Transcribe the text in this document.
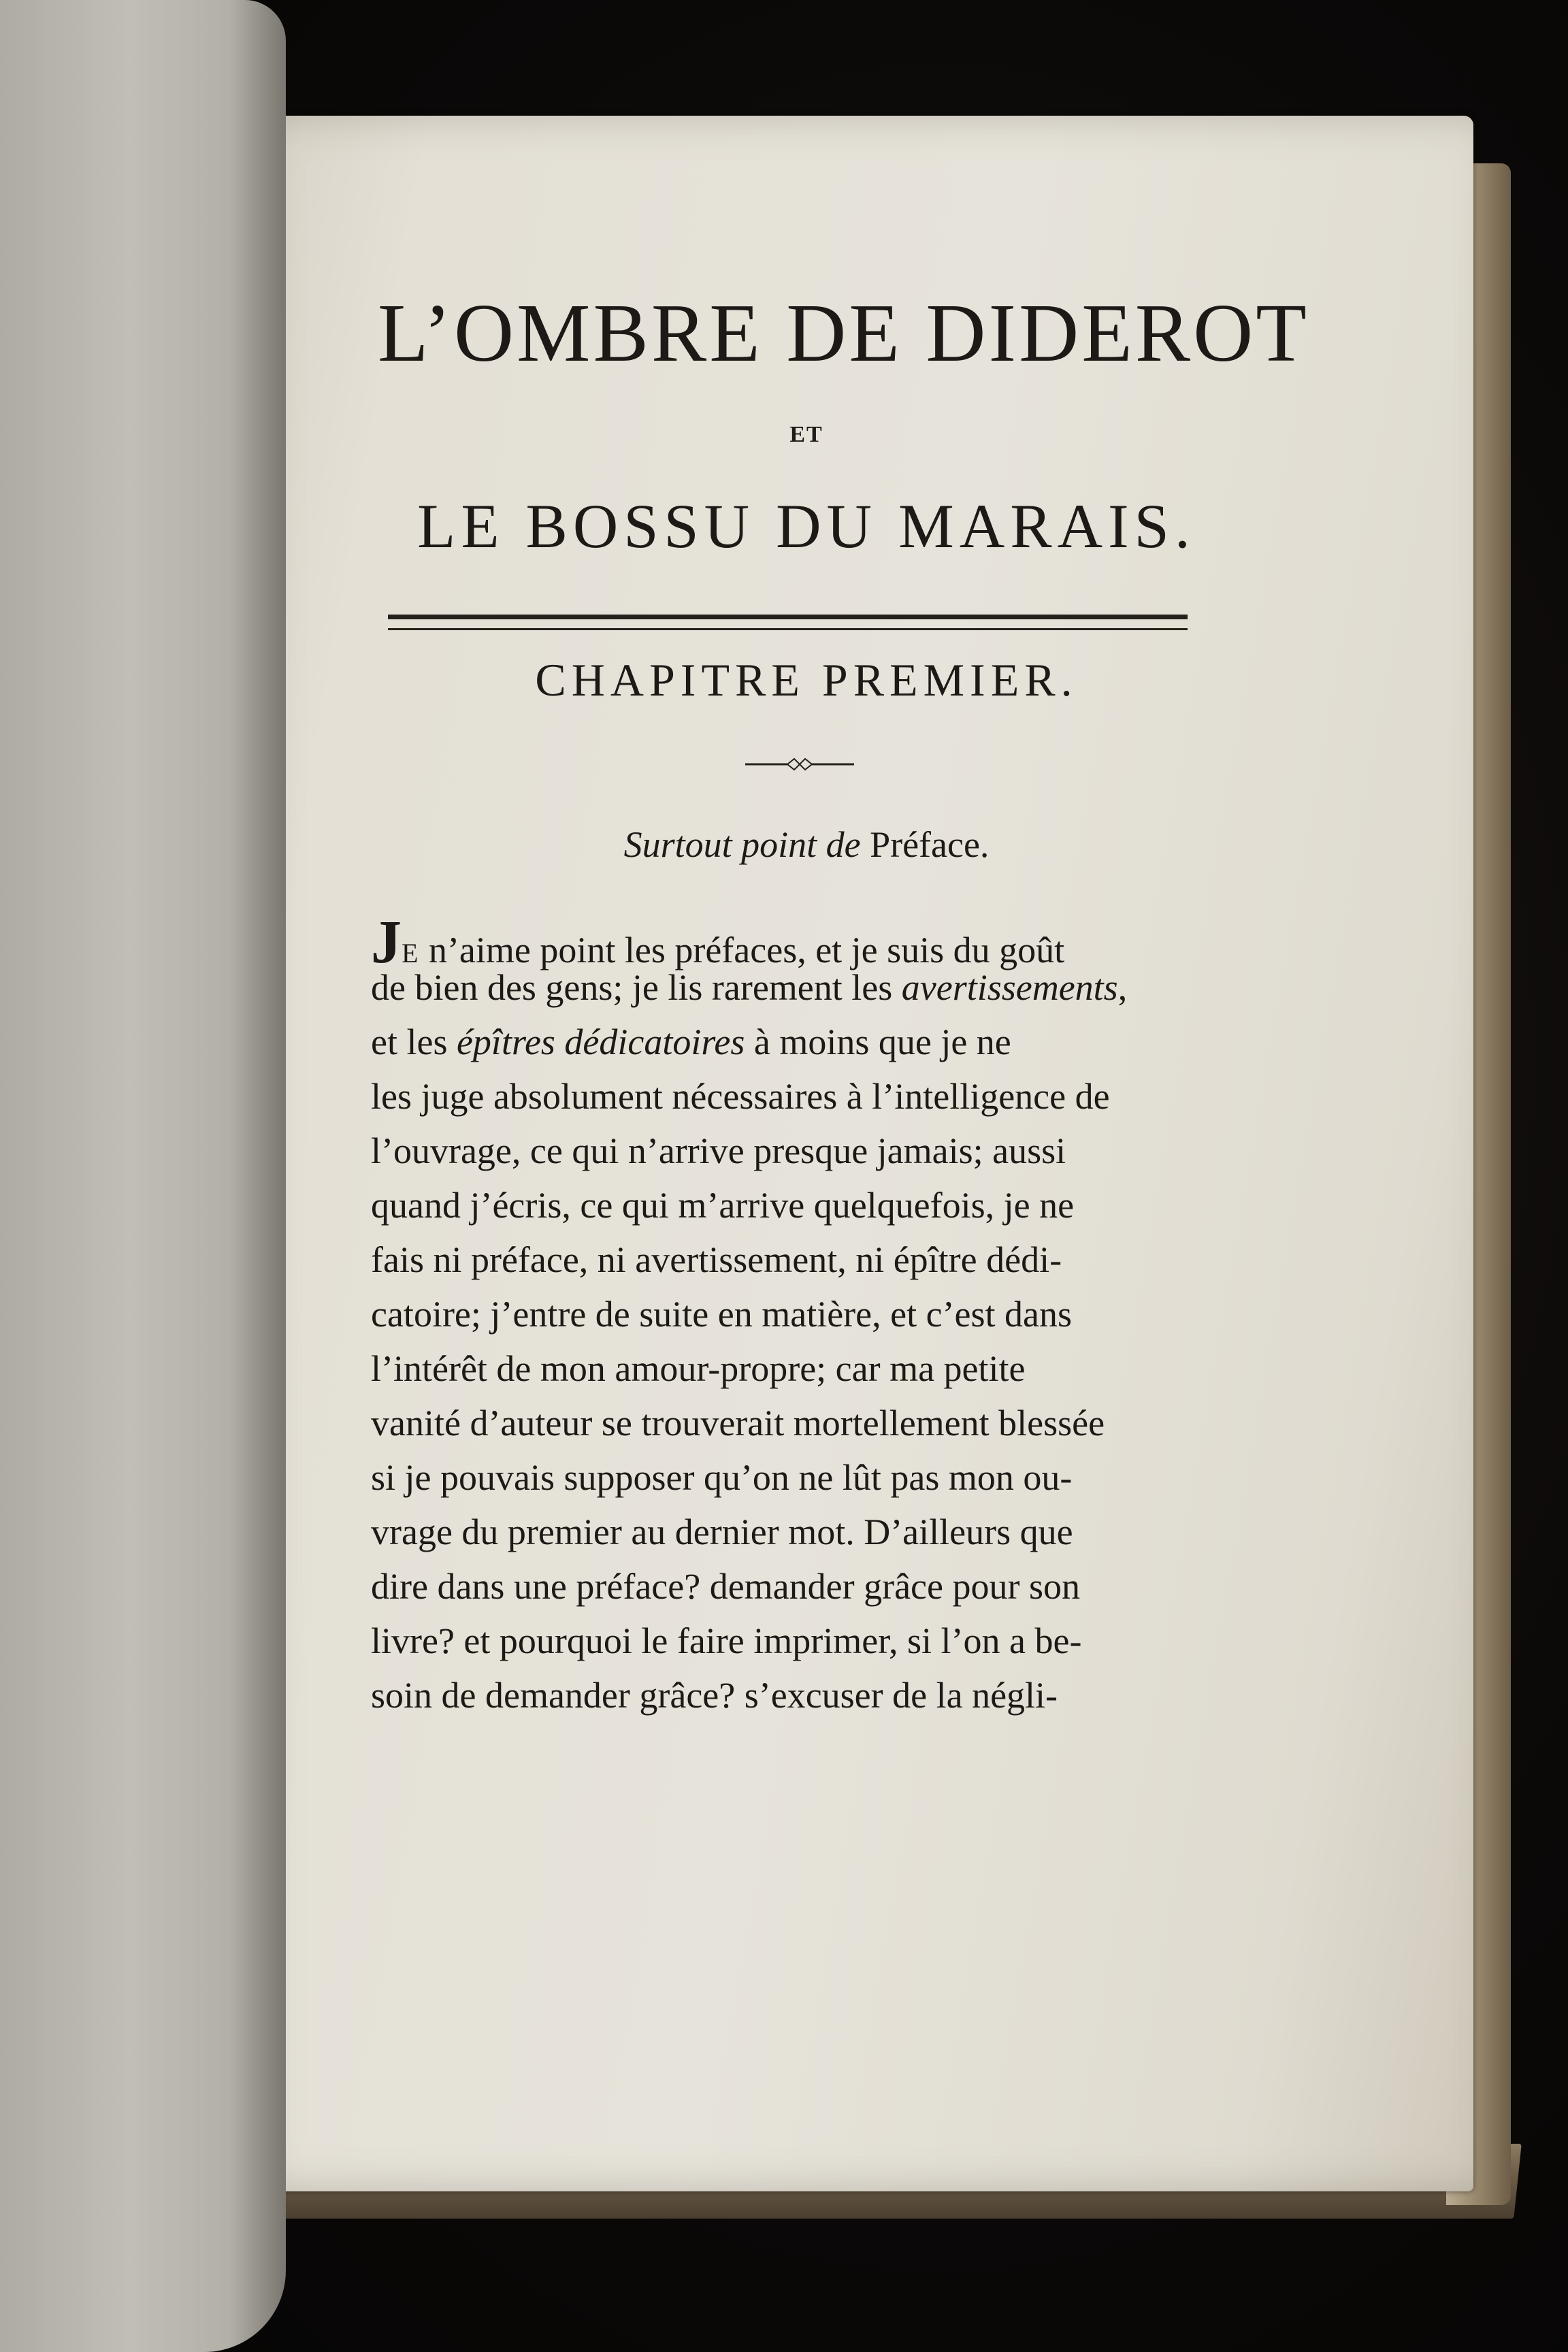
L’OMBRE DE DIDEROT
ET
LE BOSSU DU MARAIS.
CHAPITRE PREMIER.
Surtout point de Préface.
JE n’aime point les préfaces, et je suis du goût
de bien des gens; je lis rarement les avertissements,
et les épîtres dédicatoires à moins que je ne
les juge absolument nécessaires à l’intelligence de
l’ouvrage, ce qui n’arrive presque jamais; aussi
quand j’écris, ce qui m’arrive quelquefois, je ne
fais ni préface, ni avertissement, ni épître dédi-
catoire; j’entre de suite en matière, et c’est dans
l’intérêt de mon amour-propre; car ma petite
vanité d’auteur se trouverait mortellement blessée
si je pouvais supposer qu’on ne lût pas mon ou-
vrage du premier au dernier mot. D’ailleurs que
dire dans une préface? demander grâce pour son
livre? et pourquoi le faire imprimer, si l’on a be-
soin de demander grâce? s’excuser de la négli-
